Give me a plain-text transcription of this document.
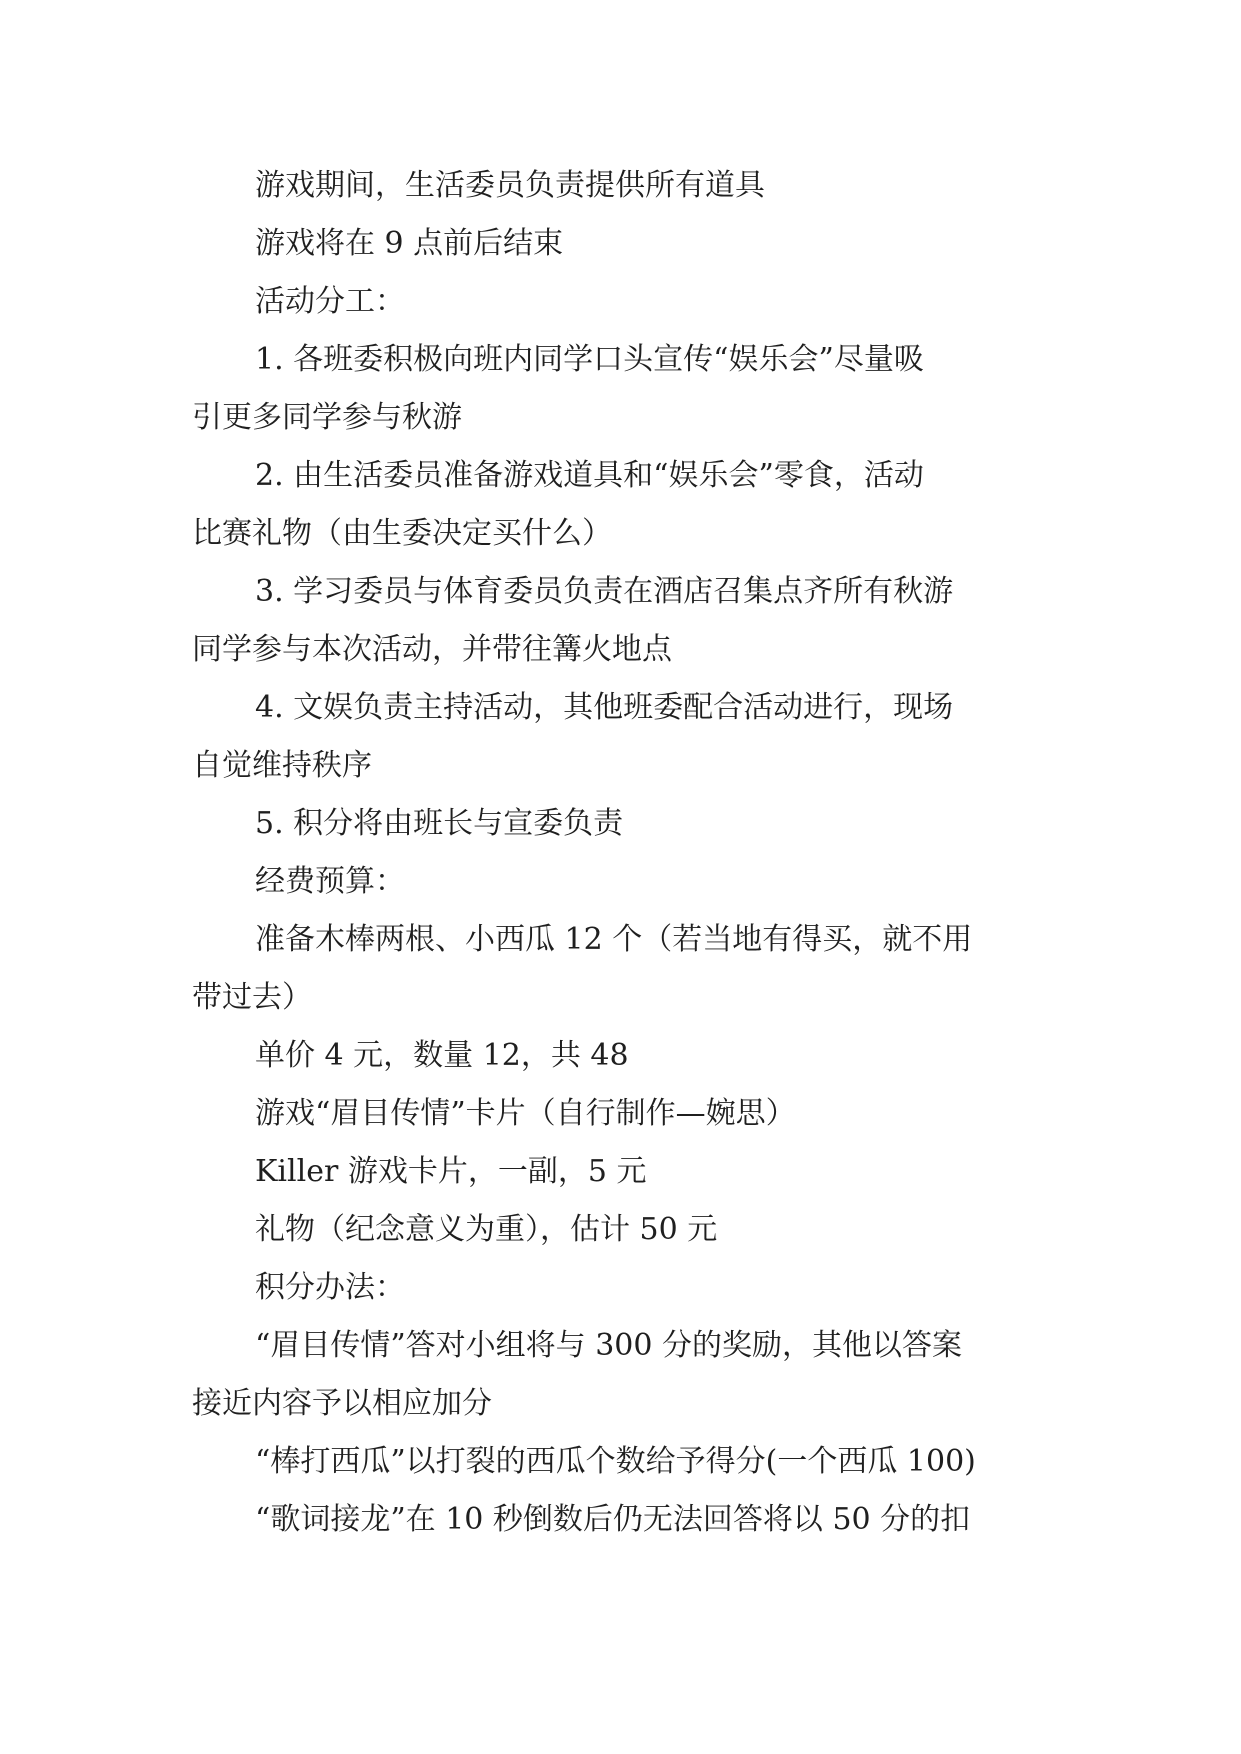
游戏期间，生活委员负责提供所有道具

游戏将在 9 点前后结束

活动分工：

1. 各班委积极向班内同学口头宣传“娱乐会”尽量吸

引更多同学参与秋游

2. 由生活委员准备游戏道具和“娱乐会”零食，活动

比赛礼物（由生委决定买什么）

3. 学习委员与体育委员负责在酒店召集点齐所有秋游

同学参与本次活动，并带往篝火地点

4. 文娱负责主持活动，其他班委配合活动进行，现场

自觉维持秩序

5. 积分将由班长与宣委负责

经费预算：

准备木棒两根、小西瓜 12 个（若当地有得买，就不用

带过去）

单价 4 元，数量 12，共 48

游戏“眉目传情”卡片（自行制作—婉思）

Killer 游戏卡片，一副，5 元

礼物（纪念意义为重），估计 50 元

积分办法：

“眉目传情”答对小组将与 300 分的奖励，其他以答案

接近内容予以相应加分

“棒打西瓜”以打裂的西瓜个数给予得分(一个西瓜 100)

“歌词接龙”在 10 秒倒数后仍无法回答将以 50 分的扣
